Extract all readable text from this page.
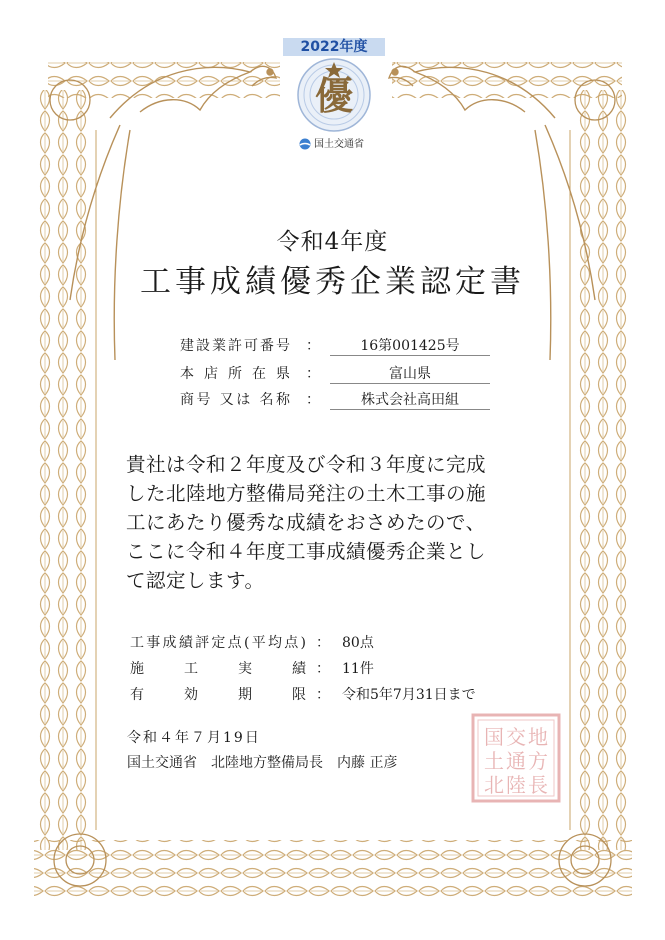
2022年度
優
国土交通省
令和4年度
工事成績優秀企業認定書
建設業許可番号 ：	16第001425号
本店所在県 ：	富山県
商号 又は 名称 ：	株式会社高田組
貴社は令和２年度及び令和３年度に完成
した北陸地方整備局発注の土木工事の施
工にあたり優秀な成績をおさめたので、
ここに令和４年度工事成績優秀企業とし
て認定します。
工事成績評定点(平均点) ： 80点
施工実績 ： 11件
有効期限 ： 令和5年7月31日まで
令和４年７月19日
国土交通省 北陸地方整備局長 内藤 正彦
国 交 地
土 通 方
北 陸 長
